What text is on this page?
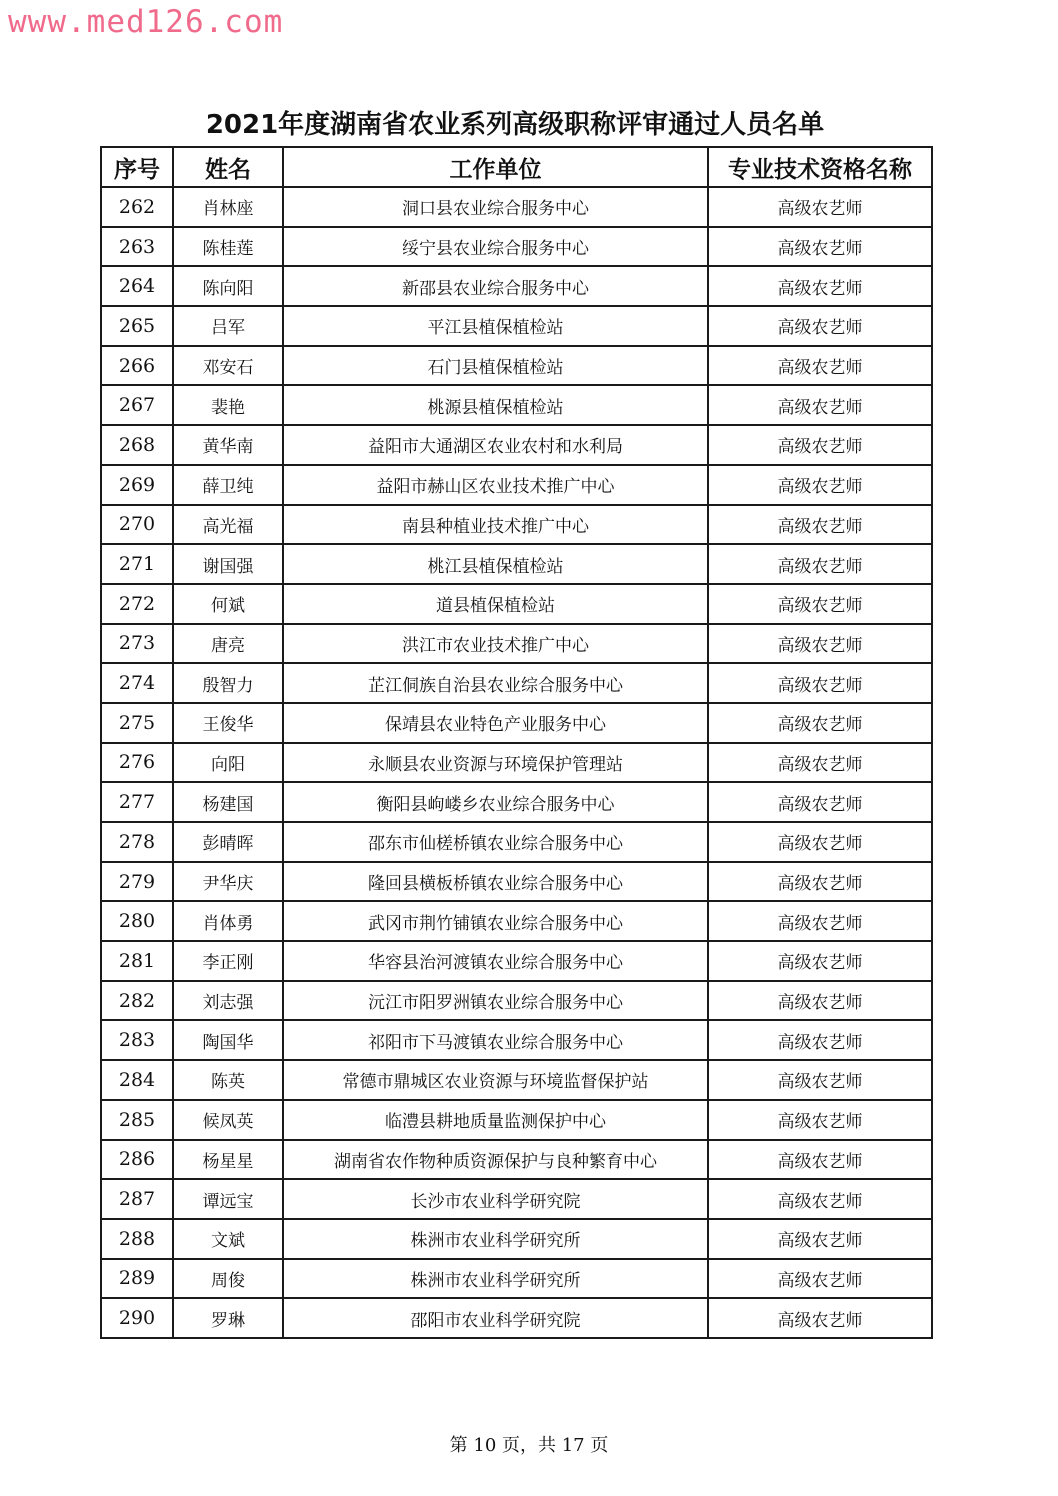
www.med126.com
2021年度湖南省农业系列高级职称评审通过人员名单
序号	姓名	工作单位	专业技术资格名称
262	肖林座	洞口县农业综合服务中心	高级农艺师
263	陈桂莲	绥宁县农业综合服务中心	高级农艺师
264	陈向阳	新邵县农业综合服务中心	高级农艺师
265	吕军	平江县植保植检站	高级农艺师
266	邓安石	石门县植保植检站	高级农艺师
267	裴艳	桃源县植保植检站	高级农艺师
268	黄华南	益阳市大通湖区农业农村和水利局	高级农艺师
269	薛卫纯	益阳市赫山区农业技术推广中心	高级农艺师
270	高光福	南县种植业技术推广中心	高级农艺师
271	谢国强	桃江县植保植检站	高级农艺师
272	何斌	道县植保植检站	高级农艺师
273	唐亮	洪江市农业技术推广中心	高级农艺师
274	殷智力	芷江侗族自治县农业综合服务中心	高级农艺师
275	王俊华	保靖县农业特色产业服务中心	高级农艺师
276	向阳	永顺县农业资源与环境保护管理站	高级农艺师
277	杨建国	衡阳县岣嵝乡农业综合服务中心	高级农艺师
278	彭晴晖	邵东市仙槎桥镇农业综合服务中心	高级农艺师
279	尹华庆	隆回县横板桥镇农业综合服务中心	高级农艺师
280	肖体勇	武冈市荆竹铺镇农业综合服务中心	高级农艺师
281	李正刚	华容县治河渡镇农业综合服务中心	高级农艺师
282	刘志强	沅江市阳罗洲镇农业综合服务中心	高级农艺师
283	陶国华	祁阳市下马渡镇农业综合服务中心	高级农艺师
284	陈英	常德市鼎城区农业资源与环境监督保护站	高级农艺师
285	候凤英	临澧县耕地质量监测保护中心	高级农艺师
286	杨星星	湖南省农作物种质资源保护与良种繁育中心	高级农艺师
287	谭远宝	长沙市农业科学研究院	高级农艺师
288	文斌	株洲市农业科学研究所	高级农艺师
289	周俊	株洲市农业科学研究所	高级农艺师
290	罗琳	邵阳市农业科学研究院	高级农艺师
第 10 页，共 17 页
